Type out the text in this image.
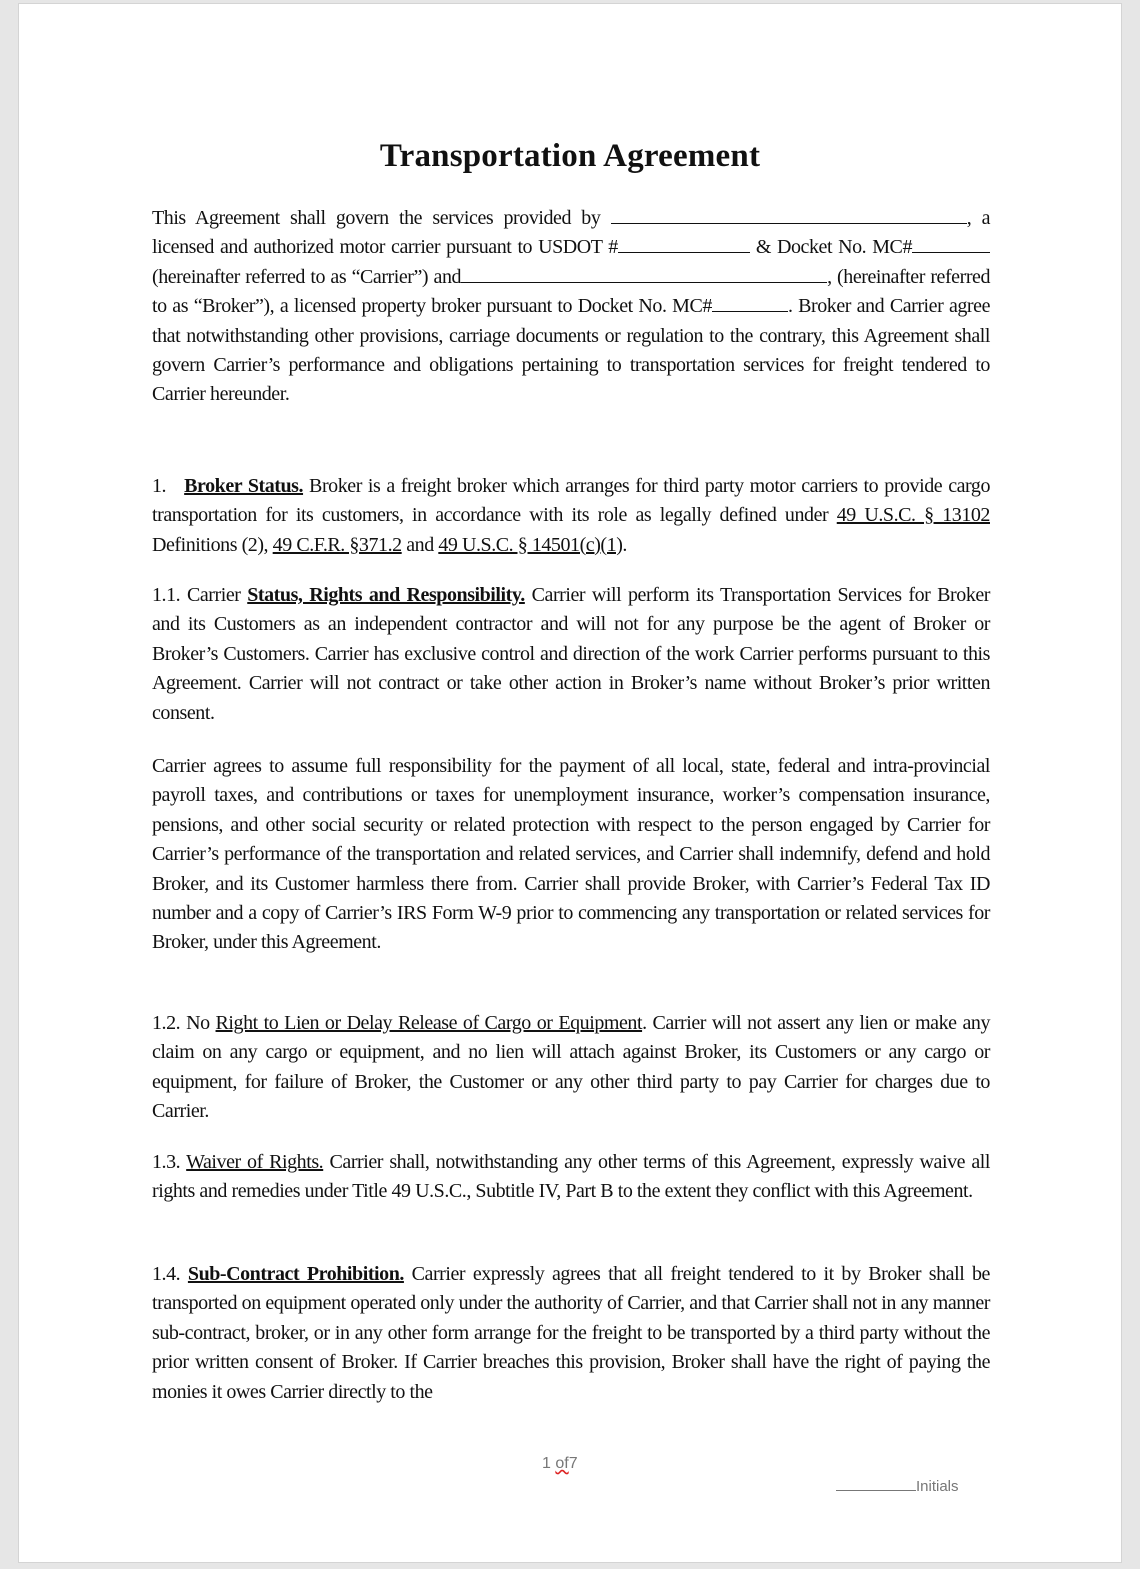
Transportation Agreement

This Agreement shall govern the services provided by	, a licensed and authorized motor carrier pursuant to USDOT #	& Docket No. MC# (hereinafter referred to as “Carrier”) and	, (hereinafter referred to as “Broker”), a licensed property broker pursuant to Docket No. MC#	. Broker and Carrier agree that notwithstanding other provisions, carriage documents or regulation to the contrary, this Agreement shall govern Carrier’s performance and obligations pertaining to transportation services for freight tendered to Carrier hereunder.

1.   Broker Status. Broker is a freight broker which arranges for third party motor carriers to provide cargo transportation for its customers, in accordance with its role as legally defined under 49 U.S.C. § 13102 Definitions (2), 49 C.F.R. §371.2 and 49 U.S.C. § 14501(c)(1).

1.1. Carrier Status, Rights and Responsibility. Carrier will perform its Transportation Services for Broker and its Customers as an independent contractor and will not for any purpose be the agent of Broker or Broker’s Customers. Carrier has exclusive control and direction of the work Carrier performs pursuant to this Agreement. Carrier will not contract or take other action in Broker’s name without Broker’s prior written consent.

Carrier agrees to assume full responsibility for the payment of all local, state, federal and intra-provincial payroll taxes, and contributions or taxes for unemployment insurance, worker’s compensation insurance, pensions, and other social security or related protection with respect to the person engaged by Carrier for Carrier’s performance of the transportation and related services, and Carrier shall indemnify, defend and hold Broker, and its Customer harmless there from. Carrier shall provide Broker, with Carrier’s Federal Tax ID number and a copy of Carrier’s IRS Form W-9 prior to commencing any transportation or related services for Broker, under this Agreement.

1.2. No Right to Lien or Delay Release of Cargo or Equipment. Carrier will not assert any lien or make any claim on any cargo or equipment, and no lien will attach against Broker, its Customers or any cargo or equipment, for failure of Broker, the Customer or any other third party to pay Carrier for charges due to Carrier.

1.3. Waiver of Rights. Carrier shall, notwithstanding any other terms of this Agreement, expressly waive all rights and remedies under Title 49 U.S.C., Subtitle IV, Part B to the extent they conflict with this Agreement.

1.4. Sub-Contract Prohibition. Carrier expressly agrees that all freight tendered to it by Broker shall be transported on equipment operated only under the authority of Carrier, and that Carrier shall not in any manner sub-contract, broker, or in any other form arrange for the freight to be transported by a third party without the prior written consent of Broker. If Carrier breaches this provision, Broker shall have the right of paying the monies it owes Carrier directly to the

1 of7
Initials
